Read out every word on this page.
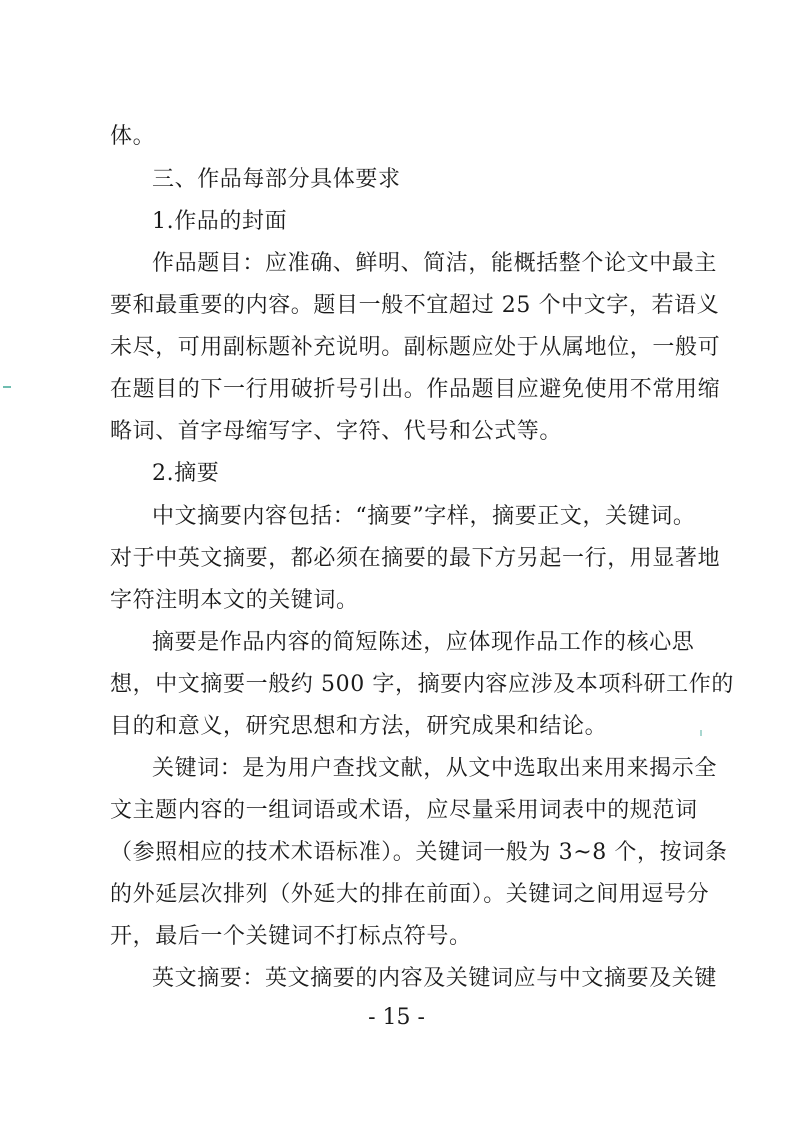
体。
三、作品每部分具体要求
1.作品的封面
作品题目：应准确、鲜明、简洁，能概括整个论文中最主
要和最重要的内容。题目一般不宜超过 25 个中文字，若语义
未尽，可用副标题补充说明。副标题应处于从属地位，一般可
在题目的下一行用破折号引出。作品题目应避免使用不常用缩
略词、首字母缩写字、字符、代号和公式等。
2.摘要
中文摘要内容包括：“摘要”字样，摘要正文，关键词。
对于中英文摘要，都必须在摘要的最下方另起一行，用显著地
字符注明本文的关键词。
摘要是作品内容的简短陈述，应体现作品工作的核心思
想，中文摘要一般约 500 字，摘要内容应涉及本项科研工作的
目的和意义，研究思想和方法，研究成果和结论。
关键词：是为用户查找文献，从文中选取出来用来揭示全
文主题内容的一组词语或术语，应尽量采用词表中的规范词
（参照相应的技术术语标准）。关键词一般为 3~8 个，按词条
的外延层次排列（外延大的排在前面）。关键词之间用逗号分
开，最后一个关键词不打标点符号。
英文摘要：英文摘要的内容及关键词应与中文摘要及关键
- 15 -
